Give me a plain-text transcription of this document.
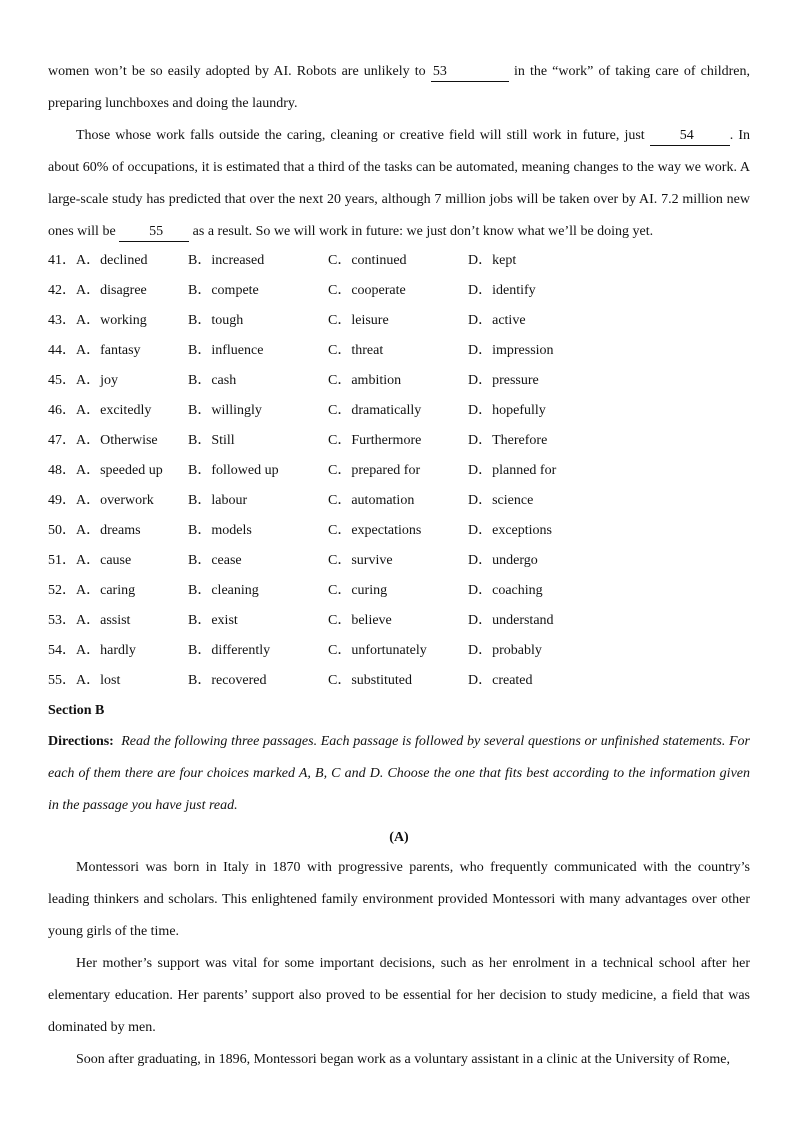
women won’t be so easily adopted by AI. Robots are unlikely to 53	in the “work” of taking care of children, preparing lunchboxes and doing the laundry.

Those whose work falls outside the caring, cleaning or creative field will still work in future, just 54	. In about 60% of occupations, it is estimated that a third of the tasks can be automated, meaning changes to the way we work. A large-scale study has predicted that over the next 20 years, although 7 million jobs will be taken over by AI. 7.2 million new ones will be 55 as a result. So we will work in future: we just don’t know what we’ll be doing yet.

41．A．declined	B．increased	C．continued	D．kept
42．A．disagree	B．compete	C．cooperate	D．identify
43．A．working	B．tough	C．leisure	D．active
44．A．fantasy	B．influence	C．threat	D．impression
45．A．joy	B．cash	C．ambition	D．pressure
46．A．excitedly	B．willingly	C．dramatically	D．hopefully
47．A．Otherwise	B．Still	C．Furthermore	D．Therefore
48．A．speeded up	B．followed up	C．prepared for	D．planned for
49．A．overwork	B．labour	C．automation	D．science
50．A．dreams	B．models	C．expectations	D．exceptions
51．A．cause	B．cease	C．survive	D．undergo
52．A．caring	B．cleaning	C．curing	D．coaching
53．A．assist	B．exist	C．believe	D．understand
54．A．hardly	B．differently	C．unfortunately	D．probably
55．A．lost	B．recovered	C．substituted	D．created

Section B

Directions: Read the following three passages. Each passage is followed by several questions or unfinished statements. For each of them there are four choices marked A, B, C and D. Choose the one that fits best according to the information given in the passage you have just read.

(A)

Montessori was born in Italy in 1870 with progressive parents, who frequently communicated with the country’s leading thinkers and scholars. This enlightened family environment provided Montessori with many advantages over other young girls of the time.

Her mother’s support was vital for some important decisions, such as her enrolment in a technical school after her elementary education. Her parents’ support also proved to be essential for her decision to study medicine, a field that was dominated by men.

Soon after graduating, in 1896, Montessori began work as a voluntary assistant in a clinic at the University of Rome,
